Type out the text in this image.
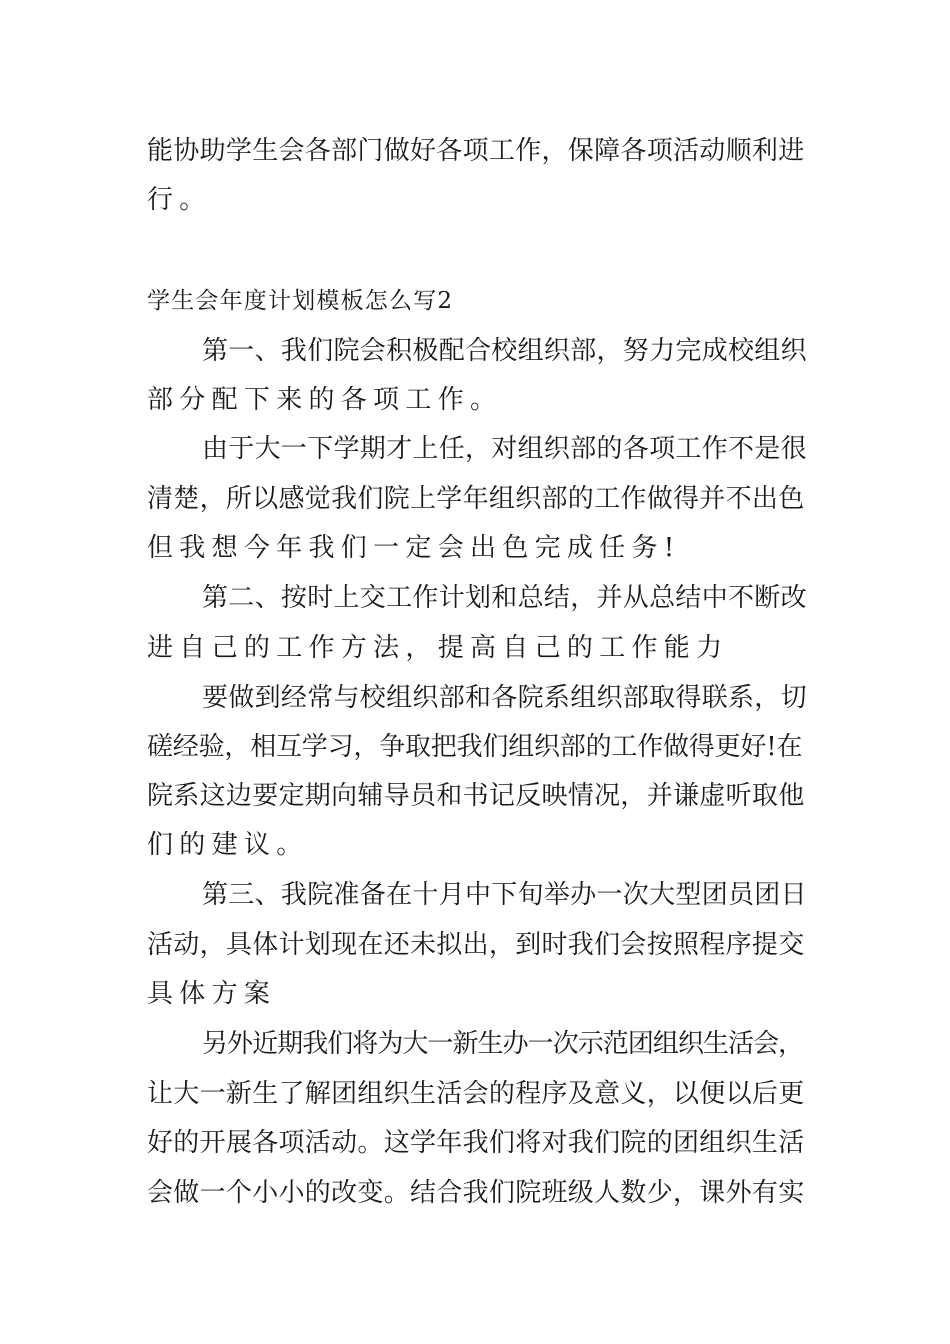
能协助学生会各部门做好各项工作，保障各项活动顺利进
行。
学生会年度计划模板怎么写2
第一、我们院会积极配合校组织部，努力完成校组织
部分配下来的各项工作。
由于大一下学期才上任，对组织部的各项工作不是很
清楚，所以感觉我们院上学年组织部的工作做得并不出色
但我想今年我们一定会出色完成任务!
第二、按时上交工作计划和总结，并从总结中不断改
进自己的工作方法，提高自己的工作能力
要做到经常与校组织部和各院系组织部取得联系，切
磋经验，相互学习，争取把我们组织部的工作做得更好!在
院系这边要定期向辅导员和书记反映情况，并谦虚听取他
们的建议。
第三、我院准备在十月中下旬举办一次大型团员团日
活动，具体计划现在还未拟出，到时我们会按照程序提交
具体方案
另外近期我们将为大一新生办一次示范团组织生活会，
让大一新生了解团组织生活会的程序及意义，以便以后更
好的开展各项活动。这学年我们将对我们院的团组织生活
会做一个小小的改变。结合我们院班级人数少，课外有实
